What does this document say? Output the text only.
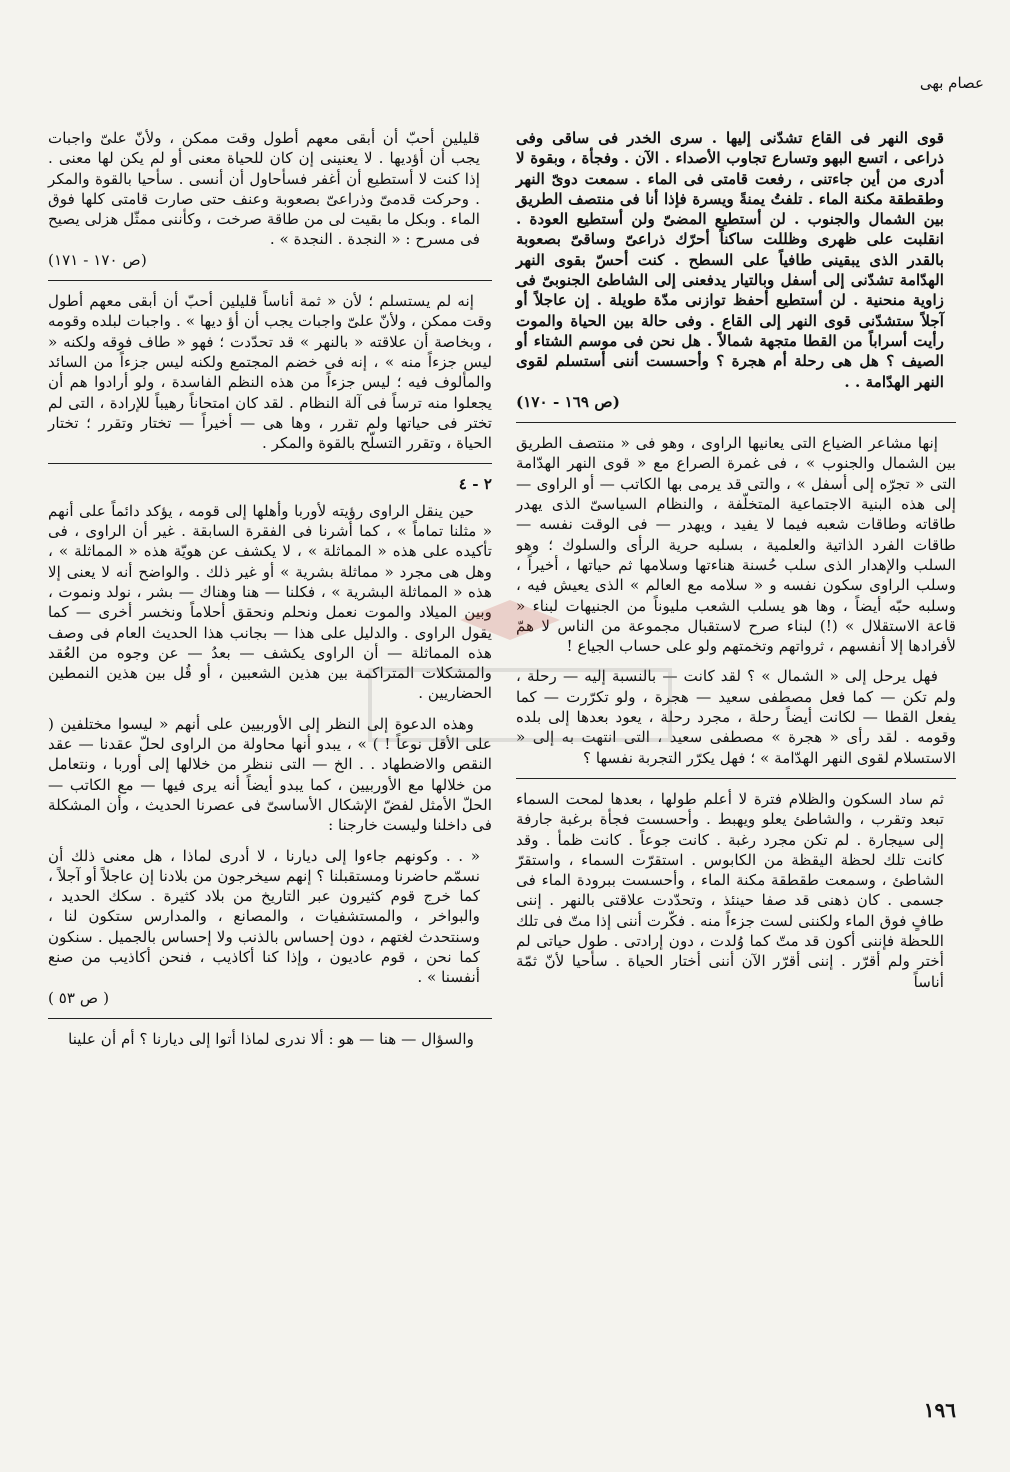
عصام بهى
قوى النهر فى القاع تشدّنى إليها . سرى الخدر فى ساقى وفى ذراعى ، اتسع البهو وتسارع تجاوب الأصداء . الآن . وفجأة ، وبقوة لا أدرى من أين جاءتنى ، رفعت قامتى فى الماء . سمعت دوىّ النهر وطقطقة مكنة الماء . تلفتُ يمنةً ويسرة فإذا أنا فى منتصف الطريق بين الشمال والجنوب . لن أستطيع المضىّ ولن أستطيع العودة . انقلبت على ظهرى وظللت ساكناً أحرّك ذراعىّ وساقىّ بصعوبة بالقدر الذى يبقينى طافياً على السطح . كنت أحسّ بقوى النهر الهدّامة تشدّنى إلى أسفل وبالتيار يدفعنى إلى الشاطئ الجنوبىّ فى زاوية منحنية . لن أستطيع أحفظ توازنى مدّة طويلة . إن عاجلاً أو آجلاً ستشدّنى قوى النهر إلى القاع . وفى حالة بين الحياة والموت رأيت أسراباً من القطا متجهة شمالاً . هل نحن فى موسم الشتاء أو الصيف ؟ هل هى رحلة أم هجرة ؟ وأحسست أننى أستسلم لقوى النهر الهدّامة . .
(ص ١٦٩ - ١٧٠)

إنها مشاعر الضياع التى يعانيها الراوى ، وهو فى « منتصف الطريق بين الشمال والجنوب » ، فى غمرة الصراع مع « قوى النهر الهدّامة التى « تجرّه إلى أسفل » ، والتى قد يرمى بها الكاتب — أو الراوى — إلى هذه البنية الاجتماعية المتخلّفة ، والنظام السياسىّ الذى يهدر طاقاته وطاقات شعبه فيما لا يفيد ، ويهدر — فى الوقت نفسه — طاقات الفرد الذاتية والعلمية ، بسلبه حرية الرأى والسلوك ؛ وهو السلب والإهدار الذى سلب حُسنة هناءتها وسلامها ثم حياتها ، أخيراً ، وسلب الراوى سكون نفسه و « سلامه مع العالم » الذى يعيش فيه ، وسلبه حبّه أيضاً ، وها هو يسلب الشعب مليوناً من الجنيهات لبناء « قاعة الاستقلال » (!) لبناء صرح لاستقبال مجموعة من الناس لا همّ لأفرادها إلا أنفسهم ، ثرواتهم وتخمتهم ولو على حساب الجياع !

فهل يرحل إلى « الشمال » ؟ لقد كانت — بالنسبة إليه — رحلة ، ولم تكن — كما فعل مصطفى سعيد — هجرة ، ولو تكرّرت — كما يفعل القطا — لكانت أيضاً رحلة ، مجرد رحلة ، يعود بعدها إلى بلده وقومه . لقد رأى « هجرة » مصطفى سعيد ، التى انتهت به إلى « الاستسلام لقوى النهر الهدّامة » ؛ فهل يكرّر التجربة نفسها ؟

ثم ساد السكون والظلام فترة لا أعلم طولها ، بعدها لمحت السماء تبعد وتقرب ، والشاطئ يعلو ويهبط . وأحسست فجأة برغبة جارفة إلى سيجارة . لم تكن مجرد رغبة . كانت جوعاً . كانت ظمأ . وقد كانت تلك لحظة اليقظة من الكابوس . استقرّت السماء ، واستقرّ الشاطئ ، وسمعت طقطقة مكنة الماء ، وأحسست ببرودة الماء فى جسمى . كان ذهنى قد صفا حينئذ ، وتحدّدت علاقتى بالنهر . إننى طافٍ فوق الماء ولكننى لست جزءاً منه . فكّرت أننى إذا متّ فى تلك اللحظة فإننى أكون قد متّ كما وُلدت ، دون إرادتى . طول حياتى لم أختر ولم أقرّر . إننى أقرّر الآن أننى أختار الحياة . سأحيا لأنّ ثمّة أناساً
قليلين أحبّ أن أبقى معهم أطول وقت ممكن ، ولأنّ علىّ واجبات يجب أن أؤديها . لا يعنينى إن كان للحياة معنى أو لم يكن لها معنى . إذا كنت لا أستطيع أن أغفر فسأحاول أن أنسى . سأحيا بالقوة والمكر . وحركت قدمىّ وذراعىّ بصعوبة وعنف حتى صارت قامتى كلها فوق الماء . وبكل ما بقيت لى من طاقة صرخت ، وكأننى ممثّل هزلى يصيح فى مسرح : « النجدة . النجدة » .
(ص ١٧٠ - ١٧١)

إنه لم يستسلم ؛ لأن « ثمة أناساً قليلين أحبّ أن أبقى معهم أطول وقت ممكن ، ولأنّ علىّ واجبات يجب أن أؤ ديها » . واجبات لبلده وقومه ، وبخاصة أن علاقته « بالنهر » قد تحدّدت ؛ فهو « طاف فوقه ولكنه « ليس جزءاً منه » ، إنه فى خضم المجتمع ولكنه ليس جزءاً من السائد والمألوف فيه ؛ ليس جزءاً من هذه النظم الفاسدة ، ولو أرادوا هم أن يجعلوا منه ترساً فى آلة النظام . لقد كان امتحاناً رهيباً للإرادة ، التى لم تختر فى حياتها ولم تقرر ، وها هى — أخيراً — تختار وتقرر ؛ تختار الحياة ، وتقرر التسلّح بالقوة والمكر .

٢ - ٤

حين ينقل الراوى رؤيته لأوربا وأهلها إلى قومه ، يؤكد دائماً على أنهم « مثلنا تماماً » ، كما أشرنا فى الفقرة السابقة . غير أن الراوى ، فى تأكيده على هذه « المماثلة » ، لا يكشف عن هويّة هذه « المماثلة » ، وهل هى مجرد « مماثلة بشرية » أو غير ذلك . والواضح أنه لا يعنى إلا هذه « المماثلة البشرية » ، فكلنا — هنا وهناك — بشر ، نولد ونموت ، وبين الميلاد والموت نعمل ونحلم ونحقق أحلاماً ونخسر أخرى — كما يقول الراوى . والدليل على هذا — بجانب هذا الحديث العام فى وصف هذه المماثلة — أن الراوى يكشف — بعدُ — عن وجوه من العُقد والمشكلات المتراكمة بين هذين الشعبين ، أو قُل بين هذين النمطين الحضاريين .

وهذه الدعوة إلى النظر إلى الأوربيين على أنهم « ليسوا مختلفين ( على الأقل نوعاً ! ) » ، يبدو أنها محاولة من الراوى لحلّ عقدنا — عقد النقص والاضطهاد . . الخ — التى ننظر من خلالها إلى أوربا ، ونتعامل من خلالها مع الأوربيين ، كما يبدو أيضاً أنه يرى فيها — مع الكاتب — الحلّ الأمثل لفضّ الإشكال الأساسىّ فى عصرنا الحديث ، وأن المشكلة فى داخلنا وليست خارجنا :

« . . وكونهم جاءوا إلى ديارنا ، لا أدرى لماذا ، هل معنى ذلك أن نسمّم حاضرنا ومستقبلنا ؟ إنهم سيخرجون من بلادنا إن عاجلاً أو آجلاً ، كما خرج قوم كثيرون عبر التاريخ من بلاد كثيرة . سكك الحديد ، والبواخر ، والمستشفيات ، والمصانع ، والمدارس ستكون لنا ، وسنتحدث لغتهم ، دون إحساس بالذنب ولا إحساس بالجميل . سنكون كما نحن ، قوم عاديون ، وإذا كنا أكاذيب ، فنحن أكاذيب من صنع أنفسنا » .
( ص ٥٣ )

والسؤال — هنا — هو : ألا ندرى لماذا أتوا إلى ديارنا ؟ أم أن علينا

١٩٦
